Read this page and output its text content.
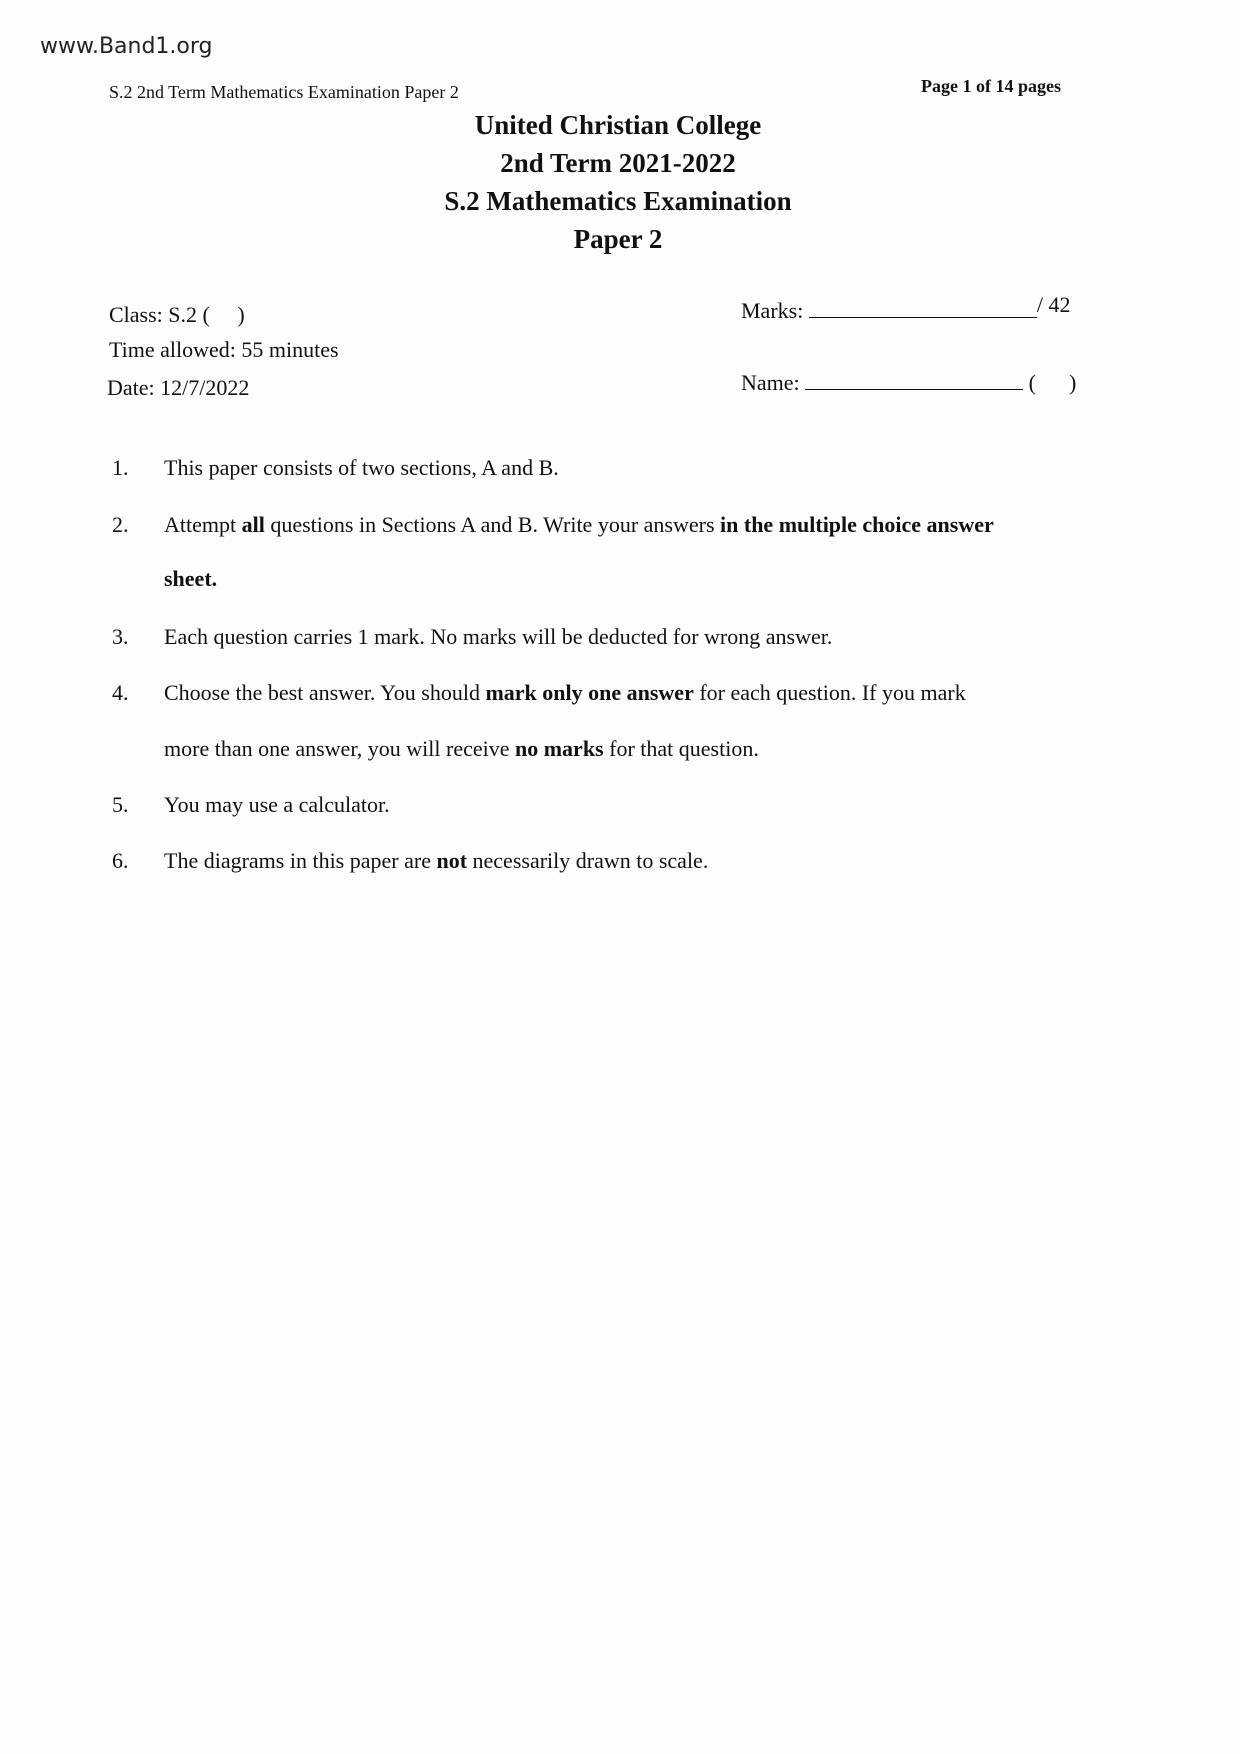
www.Band1.org
S.2 2nd Term Mathematics Examination Paper 2	Page 1 of 14 pages
United Christian College
2nd Term 2021-2022
S.2 Mathematics Examination
Paper 2
Class: S.2 (     )
Time allowed: 55 minutes
Date: 12/7/2022
Marks:	/ 42
Name:	(      )
1. This paper consists of two sections, A and B.
2. Attempt all questions in Sections A and B. Write your answers in the multiple choice answer
sheet.
3. Each question carries 1 mark. No marks will be deducted for wrong answer.
4. Choose the best answer. You should mark only one answer for each question. If you mark
more than one answer, you will receive no marks for that question.
5. You may use a calculator.
6. The diagrams in this paper are not necessarily drawn to scale.
